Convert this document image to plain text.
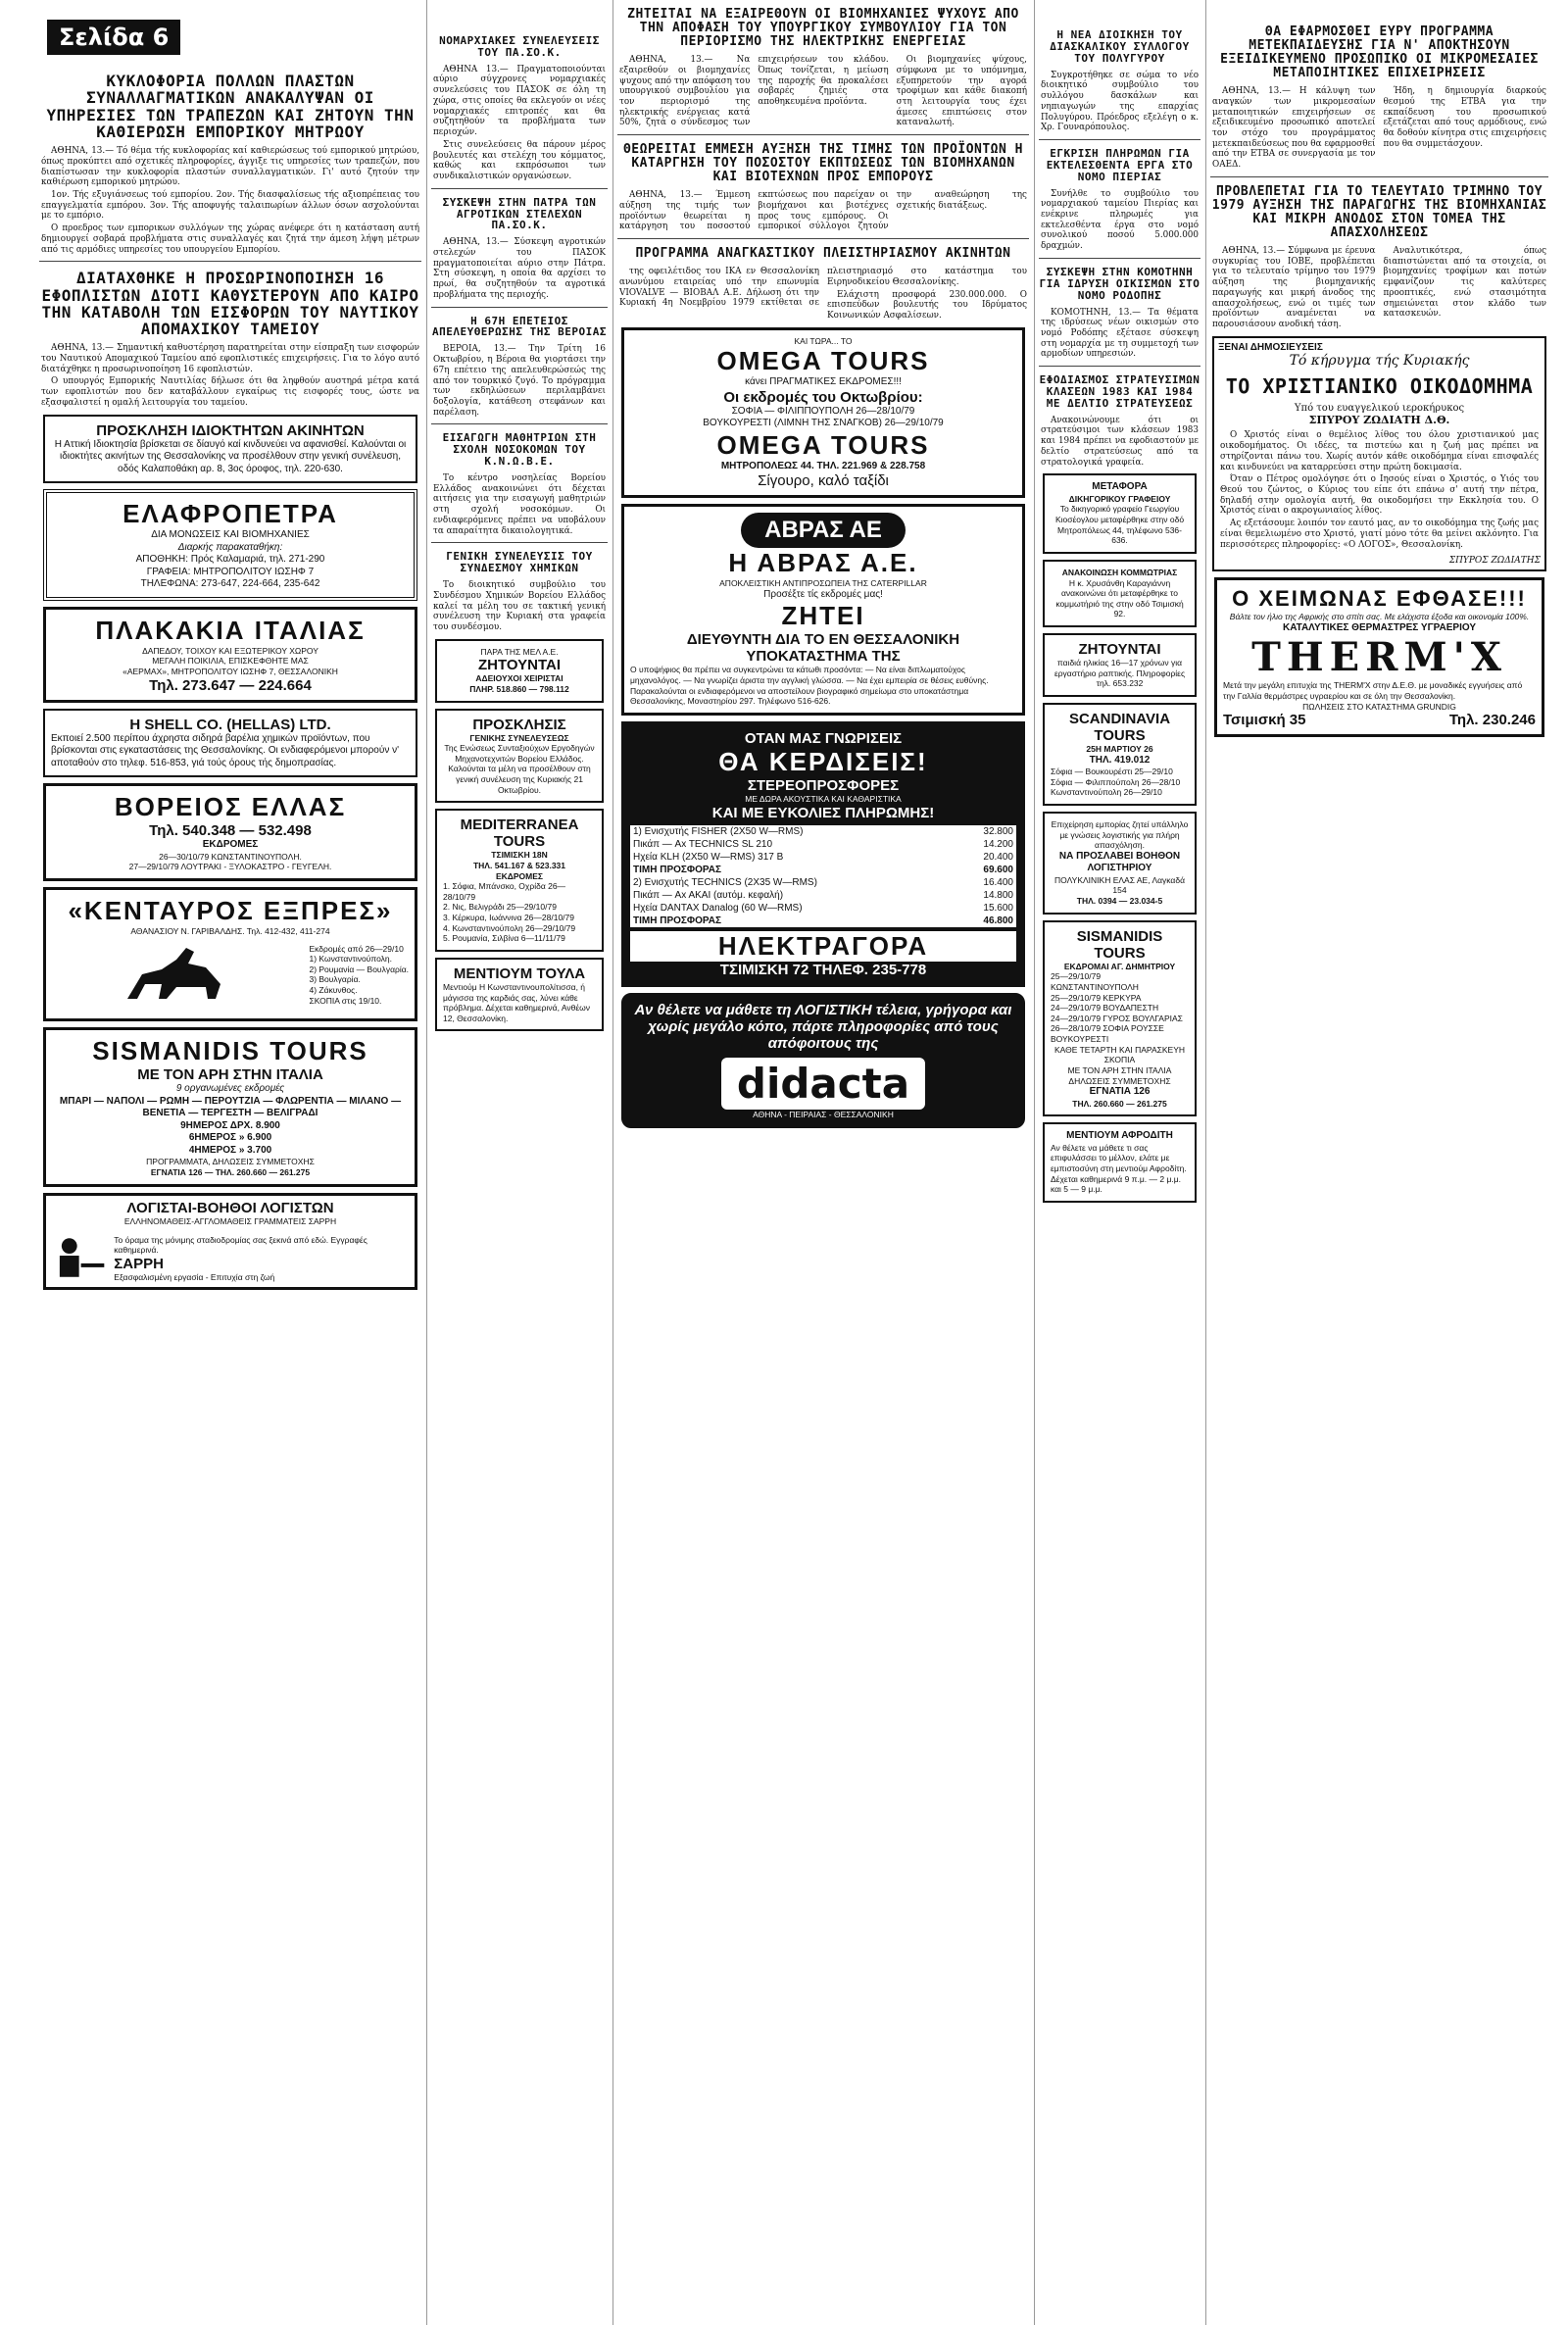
Σελίδα 6
ΚΥΚΛΟΦΟΡΙΑ ΠΟΛΛΩΝ ΠΛΑΣΤΩΝ ΣΥΝΑΛΛΑΓΜΑΤΙΚΩΝ ΑΝΑΚΑΛΥΨΑΝ ΟΙ ΥΠΗΡΕΣΙΕΣ ΤΩΝ ΤΡΑΠΕΖΩΝ ΚΑΙ ΖΗΤΟΥΝ ΤΗΝ ΚΑΘΙΕΡΩΣΗ ΕΜΠΟΡΙΚΟΥ ΜΗΤΡΩΟΥ

ΑΘΗΝΑ, 13.— Τό θέμα τής κυκλοφορίας καί καθιερώσεως τού εμπορικού μητρώου, όπως προκύπτει από σχετικές πληροφορίες, άγγιξε τις υπηρεσίες των τραπεζών, που διαπίστωσαν την κυκλοφορία πλαστών συναλλαγματικών. Γι' αυτό ζητούν την καθιέρωση εμπορικού μητρώου.

1ον. Τής εξυγιάνσεως τού εμπορίου. 2ον. Τής διασφαλίσεως τής αξιοπρέπειας του επαγγελματία εμπόρου. 3ον. Τής αποφυγής ταλαιπωρίων άλλων όσων ασχολούνται με το εμπόριο.

Ο προεδρος των εμπορικων συλλόγων της χώρας ανέφερε ότι η κατάσταση αυτή δημιουργεί σοβαρά προβλήματα στις συναλλαγές και ζητά την άμεση λήψη μέτρων από τις αρμόδιες υπηρεσίες του υπουργείου Εμπορίου.

ΔΙΑΤΑΧΘΗΚΕ Η ΠΡΟΣΩΡΙΝΟΠΟΙΗΣΗ 16 ΕΦΟΠΛΙΣΤΩΝ ΔΙΟΤΙ ΚΑΘΥΣΤΕΡΟΥΝ ΑΠΟ ΚΑΙΡΟ ΤΗΝ ΚΑΤΑΒΟΛΗ ΤΩΝ ΕΙΣΦΟΡΩΝ ΤΟΥ ΝΑΥΤΙΚΟΥ ΑΠΟΜΑΧΙΚΟΥ ΤΑΜΕΙΟΥ

ΑΘΗΝΑ, 13.— Σημαντική καθυστέρηση παρατηρείται στην είσπραξη των εισφορών του Ναυτικού Απομαχικού Ταμείου από εφοπλιστικές επιχειρήσεις. Για το λόγο αυτό διατάχθηκε η προσωρινοποίηση 16 εφοπλιστών.

Ο υπουργός Εμπορικής Ναυτιλίας δήλωσε ότι θα ληφθούν αυστηρά μέτρα κατά των εφοπλιστών που δεν καταβάλλουν εγκαίρως τις εισφορές τους, ώστε να εξασφαλιστεί η ομαλή λειτουργία του ταμείου.

ΠΡΟΣΚΛΗΣΗ ΙΔΙΟΚΤΗΤΩΝ ΑΚΙΝΗΤΩΝ
Η Αττική Ιδιοκτησία βρίσκεται σε δίαυγό καί κινδυνεύει να αφανισθεί. Καλούνται οι ιδιοκτήτες ακινήτων της Θεσσαλονίκης να προσέλθουν στην γενική συνέλευση, οδός Καλαποθάκη αρ. 8, 3ος όροφος, τηλ. 220-630.
ΕΛΑΦΡΟΠΕΤΡΑ
ΔΙΑ ΜΟΝΩΣΕΙΣ ΚΑΙ ΒΙΟΜΗΧΑΝΙΕΣ
Διαρκής παρακαταθήκη:
ΑΠΟΘΗΚΗ: Πρός Καλαμαριά, τηλ. 271-290
ΓΡΑΦΕΙΑ: ΜΗΤΡΟΠΟΛΙΤΟΥ ΙΩΣΗΦ 7
ΤΗΛΕΦΩΝΑ: 273-647, 224-664, 235-642
ΠΛΑΚΑΚΙΑ ΙΤΑΛΙΑΣ
ΔΑΠΕΔΟΥ, ΤΟΙΧΟΥ ΚΑΙ ΕΞΩΤΕΡΙΚΟΥ ΧΩΡΟΥ
ΜΕΓΑΛΗ ΠΟΙΚΙΛΙΑ, ΕΠΙΣΚΕΦΘΗΤΕ ΜΑΣ
«ΑΕΡΜΑΧ», ΜΗΤΡΟΠΟΛΙΤΟΥ ΙΩΣΗΦ 7, ΘΕΣΣΑΛΟΝΙΚΗ
Τηλ. 273.647 — 224.664
Η SHELL CO. (HELLAS) LTD.
Εκποιεί 2.500 περίπου άχρηστα σιδηρά βαρέλια χημικών προϊόντων, που βρίσκονται στις εγκαταστάσεις της Θεσσαλονίκης. Οι ενδιαφερόμενοι μπορούν ν' αποταθούν στο τηλεφ. 516-853, γιά τούς όρους τής δημοπρασίας.
ΒΟΡΕΙΟΣ ΕΛΛΑΣ
Τηλ. 540.348 — 532.498
ΕΚΔΡΟΜΕΣ
26—30/10/79 ΚΩΝΣΤΑΝΤΙΝΟΥΠΟΛΗ.
27—29/10/79 ΛΟΥΤΡΑΚΙ - ΞΥΛΟΚΑΣΤΡΟ - ΓΕΥΓΕΛΗ.
«ΚΕΝΤΑΥΡΟΣ ΕΞΠΡΕΣ»
ΑΘΑΝΑΣΙΟΥ Ν. ΓΑΡΙΒΑΛΔΗΣ. Τηλ. 412-432, 411-274
Εκδρομές από 26—29/10
1) Κωνσταντινούπολη.
2) Ρουμανία — Βουλγαρία.
3) Βουλγαρία.
4) Ζάκυνθος.
ΣΚΟΠΙΑ στις 19/10.
SISMANIDIS TOURS
ΜΕ ΤΟΝ ΑΡΗ ΣΤΗΝ ΙΤΑΛΙΑ
9 οργανωμένες εκδρομές
ΜΠΑΡΙ — ΝΑΠΟΛΙ — ΡΩΜΗ — ΠΕΡΟΥΤΖΙΑ — ΦΛΩΡΕΝΤΙΑ — ΜΙΛΑΝΟ — ΒΕΝΕΤΙΑ — ΤΕΡΓΕΣΤΗ — ΒΕΛΙΓΡΑΔΙ
9ΗΜΕΡΟΣ ΔΡΧ. 8.900
6ΗΜΕΡΟΣ » 6.900
4ΗΜΕΡΟΣ » 3.700
ΠΡΟΓΡΑΜΜΑΤΑ, ΔΗΛΩΣΕΙΣ ΣΥΜΜΕΤΟΧΗΣ
ΕΓΝΑΤΙΑ 126 — ΤΗΛ. 260.660 — 261.275
ΛΟΓΙΣΤΑΙ-ΒΟΗΘΟΙ ΛΟΓΙΣΤΩΝ
ΕΛΛΗΝΟΜΑΘΕΙΣ-ΑΓΓΛΟΜΑΘΕΙΣ ΓΡΑΜΜΑΤΕΙΣ ΣΑΡΡΗ
Το όραμα της μόνιμης σταδιοδρομίας σας ξεκινά από εδώ. Εγγραφές καθημερινά.
ΣΑΡΡΗ
Εξασφαλισμένη εργασία - Επιτυχία στη ζωή
ΝΟΜΑΡΧΙΑΚΕΣ ΣΥΝΕΛΕΥΣΕΙΣ ΤΟΥ ΠΑ.ΣΟ.Κ.

ΑΘΗΝΑ 13.— Πραγματοποιούνται αύριο σύγχρονες νομαρχιακές συνελεύσεις του ΠΑΣΟΚ σε όλη τη χώρα, στις οποίες θα εκλεγούν οι νέες νομαρχιακές επιτροπές και θα συζητηθούν τα προβλήματα των περιοχών.

Στις συνελεύσεις θα πάρουν μέρος βουλευτές και στελέχη του κόμματος, καθώς και εκπρόσωποι των συνδικαλιστικών οργανώσεων.

ΣΥΣΚΕΨΗ ΣΤΗΝ ΠΑΤΡΑ ΤΩΝ ΑΓΡΟΤΙΚΩΝ ΣΤΕΛΕΧΩΝ ΠΑ.ΣΟ.Κ.

ΑΘΗΝΑ, 13.— Σύσκεψη αγροτικών στελεχών του ΠΑΣΟΚ πραγματοποιείται αύριο στην Πάτρα. Στη σύσκεψη, η οποία θα αρχίσει το πρωί, θα συζητηθούν τα αγροτικά προβλήματα της περιοχής.

Η 67Η ΕΠΕΤΕΙΟΣ ΑΠΕΛΕΥΘΕΡΩΣΗΣ ΤΗΣ ΒΕΡΟΙΑΣ

ΒΕΡΟΙΑ, 13.— Την Τρίτη 16 Οκτωβρίου, η Βέροια θα γιορτάσει την 67η επέτειο της απελευθερώσεώς της από τον τουρκικό ζυγό. Το πρόγραμμα των εκδηλώσεων περιλαμβάνει δοξολογία, κατάθεση στεφάνων και παρέλαση.

ΕΙΣΑΓΩΓΗ ΜΑΘΗΤΡΙΩΝ ΣΤΗ ΣΧΟΛΗ ΝΟΣΟΚΟΜΩΝ ΤΟΥ Κ.Ν.Ω.Β.Ε.

Το κέντρο νοσηλείας Βορείου Ελλάδος ανακοινώνει ότι δέχεται αιτήσεις για την εισαγωγή μαθητριών στη σχολή νοσοκόμων. Οι ενδιαφερόμενες πρέπει να υποβάλουν τα απαραίτητα δικαιολογητικά.

ΓΕΝΙΚΗ ΣΥΝΕΛΕΥΣΙΣ ΤΟΥ ΣΥΝΔΕΣΜΟΥ ΧΗΜΙΚΩΝ

Το διοικητικό συμβούλιο του Συνδέσμου Χημικών Βορείου Ελλάδος καλεί τα μέλη του σε τακτική γενική συνέλευση την Κυριακή στα γραφεία του συνδέσμου.

ΠΑΡΑ ΤΗΣ ΜΕΛ Α.Ε.
ΖΗΤΟΥΝΤΑΙ
ΑΔΕΙΟΥΧΟΙ ΧΕΙΡΙΣΤΑΙ
ΠΛΗΡ. 518.860 — 798.112
ΠΡΟΣΚΛΗΣΙΣ
ΓΕΝΙΚΗΣ ΣΥΝΕΛΕΥΣΕΩΣ
Της Ενώσεως Συνταξιούχων Εργοδηγών Μηχανοτεχνιτών Βορείου Ελλάδος. Καλούνται τα μέλη να προσέλθουν στη γενική συνέλευση της Κυριακής 21 Οκτωβρίου.
MEDITERRANEA TOURS
ΤΣΙΜΙΣΚΗ 18Ν
ΤΗΛ. 541.167 & 523.331
ΕΚΔΡΟΜΕΣ
1. Σόφια, Μπάνσκο, Οχρίδα 26—28/10/79
2. Νις, Βελιγράδι 25—29/10/79
3. Κέρκυρα, Ιωάννινα 26—28/10/79
4. Κωνσταντινούπολη 26—29/10/79
5. Ρουμανία, Σιλβίνα 6—11/11/79
ΜΕΝΤΙΟΥΜ ΤΟΥΛΑ
Μεντιούμ Η Κωνσταντινουπολίτισσα, ή μάγισσα της καρδιάς σας, λύνει κάθε πρόβλημα. Δέχεται καθημερινά, Ανθέων 12, Θεσσαλονίκη.
ΖΗΤΕΙΤΑΙ ΝΑ ΕΞΑΙΡΕΘΟΥΝ ΟΙ ΒΙΟΜΗΧΑΝΙΕΣ ΨΥΧΟΥΣ ΑΠΟ ΤΗΝ ΑΠΟΦΑΣΗ ΤΟΥ ΥΠΟΥΡΓΙΚΟΥ ΣΥΜΒΟΥΛΙΟΥ ΓΙΑ ΤΟΝ ΠΕΡΙΟΡΙΣΜΟ ΤΗΣ ΗΛΕΚΤΡΙΚΗΣ ΕΝΕΡΓΕΙΑΣ

ΑΘΗΝΑ, 13.— Να εξαιρεθούν οι βιομηχανίες ψυχους από την απόφαση του υπουργικού συμβουλίου για τον περιορισμό της ηλεκτρικής ενέργειας κατά 50%, ζητά ο σύνδεσμος των επιχειρήσεων του κλάδου. Όπως τονίζεται, η μείωση της παροχής θα προκαλέσει σοβαρές ζημιές στα αποθηκευμένα προϊόντα.

Οι βιομηχανίες ψύχους, σύμφωνα με το υπόμνημα, εξυπηρετούν την αγορά τροφίμων και κάθε διακοπή στη λειτουργία τους έχει άμεσες επιπτώσεις στον καταναλωτή.

ΘΕΩΡΕΙΤΑΙ ΕΜΜΕΣΗ ΑΥΞΗΣΗ ΤΗΣ ΤΙΜΗΣ ΤΩΝ ΠΡΟΪΟΝΤΩΝ Η ΚΑΤΑΡΓΗΣΗ ΤΟΥ ΠΟΣΟΣΤΟΥ ΕΚΠΤΩΣΕΩΣ ΤΩΝ ΒΙΟΜΗΧΑΝΩΝ ΚΑΙ ΒΙΟΤΕΧΝΩΝ ΠΡΟΣ ΕΜΠΟΡΟΥΣ

ΑΘΗΝΑ, 13.— Έμμεση αύξηση της τιμής των προϊόντων θεωρείται η κατάργηση του ποσοστού εκπτώσεως που παρείχαν οι βιομήχανοι και βιοτέχνες προς τους εμπόρους. Οι εμπορικοί σύλλογοι ζητούν την αναθεώρηση της σχετικής διατάξεως.

ΠΡΟΓΡΑΜΜΑ ΑΝΑΓΚΑΣΤΙΚΟΥ ΠΛΕΙΣΤΗΡΙΑΣΜΟΥ ΑΚΙΝΗΤΩΝ

της οφειλέτιδος του ΙΚΑ εν Θεσσαλονίκη ανωνύμου εταιρείας υπό την επωνυμία VIOVALVE — ΒΙΟΒΑΛ Α.Ε. Δήλωση ότι την Κυριακή 4η Νοεμβρίου 1979 εκτίθεται σε πλειστηριασμό στο κατάστημα του Ειρηνοδικείου Θεσσαλονίκης.

Ελάχιστη προσφορά 230.000.000. Ο επισπεύδων βουλευτής του Ιδρύματος Κοινωνικών Ασφαλίσεων.

ΚΑΙ ΤΩΡΑ... ΤΟ
OMEGA TOURS
κάνει ΠΡΑΓΜΑΤΙΚΕΣ ΕΚΔΡΟΜΕΣ!!!
Οι εκδρομές του Οκτωβρίου:
ΣΟΦΙΑ — ΦΙΛΙΠΠΟΥΠΟΛΗ 26—28/10/79
ΒΟΥΚΟΥΡΕΣΤΙ (ΛΙΜΝΗ ΤΗΣ ΣΝΑΓΚΟΒ) 26—29/10/79
OMEGA TOURS
ΜΗΤΡΟΠΟΛΕΩΣ 44. ΤΗΛ. 221.969 & 228.758
Σίγουρο, καλό ταξίδι
ΑΒΡΑΣ ΑΕ
Η ΑΒΡΑΣ Α.Ε.
ΑΠΟΚΛΕΙΣΤΙΚΗ ΑΝΤΙΠΡΟΣΩΠΕΙΑ ΤΗΣ CATERPILLAR
Προσέξτε τίς εκδρομές μας!
ΖΗΤΕΙ
ΔΙΕΥΘΥΝΤΗ ΔΙΑ ΤΟ ΕΝ ΘΕΣΣΑΛΟΝΙΚΗ ΥΠΟΚΑΤΑΣΤΗΜΑ ΤΗΣ
Ο υποψήφιος θα πρέπει να συγκεντρώνει τα κάτωθι προσόντα: — Να είναι διπλωματούχος μηχανολόγος. — Να γνωρίζει άριστα την αγγλική γλώσσα. — Να έχει εμπειρία σε θέσεις ευθύνης. Παρακαλούνται οι ενδιαφερόμενοι να αποστείλουν βιογραφικό σημείωμα στο υποκατάστημα Θεσσαλονίκης, Μοναστηρίου 297. Τηλέφωνο 516-626.
ΟΤΑΝ ΜΑΣ ΓΝΩΡΙΣΕΙΣ
ΘΑ ΚΕΡΔΙΣΕΙΣ!
ΣΤΕΡΕΟΠΡΟΣΦΟΡΕΣ
ΜΕ ΔΩΡΑ ΑΚΟΥΣΤΙΚΑ ΚΑΙ ΚΑΘΑΡΙΣΤΙΚΑ
ΚΑΙ ΜΕ ΕΥΚΟΛΙΕΣ ΠΛΗΡΩΜΗΣ!
1) Ενισχυτής FISHER (2X50 W—RMS)	32.800
Πικάπ — Ax TECHNICS SL 210	14.200
Ηχεία KLH (2X50 W—RMS) 317 B	20.400
ΤΙΜΗ ΠΡΟΣΦΟΡΑΣ	69.600
2) Ενισχυτής TECHNICS (2X35 W—RMS)	16.400
Πικάπ — Ax AKAI (αυτόμ. κεφαλή)	14.800
Ηχεία DANTAX Danalog (60 W—RMS)	15.600
ΤΙΜΗ ΠΡΟΣΦΟΡΑΣ	46.800
ΗΛΕΚΤΡΑΓΟΡΑ
ΤΣΙΜΙΣΚΗ 72 ΤΗΛΕΦ. 235-778
Αν θέλετε να μάθετε τη ΛΟΓΙΣΤΙΚΗ τέλεια, γρήγορα και χωρίς μεγάλο κόπο, πάρτε πληροφορίες από τους απόφοιτους της
didacta
ΑΘΗΝΑ - ΠΕΙΡΑΙΑΣ - ΘΕΣΣΑΛΟΝΙΚΗ
Η ΝΕΑ ΔΙΟΙΚΗΣΗ ΤΟΥ ΔΙΑΣΚΑΛΙΚΟΥ ΣΥΛΛΟΓΟΥ ΤΟΥ ΠΟΛΥΓΥΡΟΥ

Συγκροτήθηκε σε σώμα το νέο διοικητικό συμβούλιο του συλλόγου δασκάλων και νηπιαγωγών της επαρχίας Πολυγύρου. Πρόεδρος εξελέγη ο κ. Χρ. Γουναρόπουλος.

ΕΓΚΡΙΣΗ ΠΛΗΡΩΜΩΝ ΓΙΑ ΕΚΤΕΛΕΣΘΕΝΤΑ ΕΡΓΑ ΣΤΟ ΝΟΜΟ ΠΙΕΡΙΑΣ

Συνήλθε το συμβούλιο του νομαρχιακού ταμείου Πιερίας και ενέκρινε πληρωμές για εκτελεσθέντα έργα στο νομό συνολικού ποσού 5.000.000 δραχμών.

ΣΥΣΚΕΨΗ ΣΤΗΝ ΚΟΜΟΤΗΝΗ ΓΙΑ ΙΔΡΥΣΗ ΟΙΚΙΣΜΩΝ ΣΤΟ ΝΟΜΟ ΡΟΔΟΠΗΣ

ΚΟΜΟΤΗΝΗ, 13.— Τα θέματα της ιδρύσεως νέων οικισμών στο νομό Ροδόπης εξέτασε σύσκεψη στη νομαρχία με τη συμμετοχή των αρμοδίων υπηρεσιών.

ΕΦΟΔΙΑΣΜΟΣ ΣΤΡΑΤΕΥΣΙΜΩΝ ΚΛΑΣΕΩΝ 1983 ΚΑΙ 1984 ΜΕ ΔΕΛΤΙΟ ΣΤΡΑΤΕΥΣΕΩΣ

Ανακοινώνουμε ότι οι στρατεύσιμοι των κλάσεων 1983 και 1984 πρέπει να εφοδιαστούν με δελτίο στρατεύσεως από τα στρατολογικά γραφεία.

ΜΕΤΑΦΟΡΑ
ΔΙΚΗΓΟΡΙΚΟΥ ΓΡΑΦΕΙΟΥ
Το δικηγορικό γραφείο Γεωργίου Κιοσέογλου μεταφέρθηκε στην οδό Μητροπόλεως 44, τηλέφωνο 536-636.
ΑΝΑΚΟΙΝΩΣΗ ΚΟΜΜΩΤΡΙΑΣ
Η κ. Χρυσάνθη Καραγιάννη ανακοινώνει ότι μεταφέρθηκε το κομμωτήριό της στην οδό Τσιμισκή 92.
ΖΗΤΟΥΝΤΑΙ
παιδιά ηλικίας 16—17 χρόνων για εργαστήριο ραπτικής. Πληροφορίες τηλ. 653.232
SCANDINAVIA TOURS
25Η ΜΑΡΤΙΟΥ 26
ΤΗΛ. 419.012
Σόφια — Βουκουρέστι 25—29/10
Σόφια — Φιλιππούπολη 26—28/10
Κωνσταντινούπολη 26—29/10
Επιχείρηση εμπορίας ζητεί υπάλληλο με γνώσεις λογιστικής για πλήρη απασχόληση.
ΝΑ ΠΡΟΣΛΑΒΕΙ ΒΟΗΘΟΝ ΛΟΓΙΣΤΗΡΙΟΥ
ΠΟΛΥΚΛΙΝΙΚΗ ΕΛΑΣ ΑΕ, Λαγκαδά 154
ΤΗΛ. 0394 — 23.034-5
SISMANIDIS TOURS
ΕΚΔΡΟΜΑΙ ΑΓ. ΔΗΜΗΤΡΙΟΥ
25—29/10/79 ΚΩΝΣΤΑΝΤΙΝΟΥΠΟΛΗ
25—29/10/79 ΚΕΡΚΥΡΑ
24—29/10/79 ΒΟΥΔΑΠΕΣΤΗ
24—29/10/79 ΓΥΡΟΣ ΒΟΥΛΓΑΡΙΑΣ
26—28/10/79 ΣΟΦΙΑ ΡΟΥΣΣΕ ΒΟΥΚΟΥΡΕΣΤΙ
ΚΑΘΕ ΤΕΤΑΡΤΗ ΚΑΙ ΠΑΡΑΣΚΕΥΗ ΣΚΟΠΙΑ
ΜΕ ΤΟΝ ΑΡΗ ΣΤΗΝ ΙΤΑΛΙΑ
ΔΗΛΩΣΕΙΣ ΣΥΜΜΕΤΟΧΗΣ
ΕΓΝΑΤΙΑ 126
ΤΗΛ. 260.660 — 261.275
ΜΕΝΤΙΟΥΜ ΑΦΡΟΔΙΤΗ
Αν θέλετε να μάθετε τι σας επιφυλάσσει το μέλλον, ελάτε με εμπιστοσύνη στη μεντιούμ Αφροδίτη. Δέχεται καθημερινά 9 π.μ. — 2 μ.μ. και 5 — 9 μ.μ.
ΘΑ ΕΦΑΡΜΟΣΘΕΙ ΕΥΡΥ ΠΡΟΓΡΑΜΜΑ ΜΕΤΕΚΠΑΙΔΕΥΣΗΣ ΓΙΑ Ν' ΑΠΟΚΤΗΣΟΥΝ ΕΞΕΙΔΙΚΕΥΜΕΝΟ ΠΡΟΣΩΠΙΚΟ ΟΙ ΜΙΚΡΟΜΕΣΑΙΕΣ ΜΕΤΑΠΟΙΗΤΙΚΕΣ ΕΠΙΧΕΙΡΗΣΕΙΣ

ΑΘΗΝΑ, 13.— Η κάλυψη των αναγκών των μικρομεσαίων μεταποιητικών επιχειρήσεων σε εξειδικευμένο προσωπικό αποτελεί τον στόχο του προγράμματος μετεκπαιδεύσεως που θα εφαρμοσθεί από την ΕΤΒΑ σε συνεργασία με τον ΟΑΕΔ.

Ήδη, η δημιουργία διαρκούς θεσμού της ΕΤΒΑ για την εκπαίδευση του προσωπικού εξετάζεται από τους αρμόδιους, ενώ θα δοθούν κίνητρα στις επιχειρήσεις που θα συμμετάσχουν.

ΠΡΟΒΛΕΠΕΤΑΙ ΓΙΑ ΤΟ ΤΕΛΕΥΤΑΙΟ ΤΡΙΜΗΝΟ ΤΟΥ 1979 ΑΥΞΗΣΗ ΤΗΣ ΠΑΡΑΓΩΓΗΣ ΤΗΣ ΒΙΟΜΗΧΑΝΙΑΣ ΚΑΙ ΜΙΚΡΗ ΑΝΟΔΟΣ ΣΤΟΝ ΤΟΜΕΑ ΤΗΣ ΑΠΑΣΧΟΛΗΣΕΩΣ

ΑΘΗΝΑ, 13.— Σύμφωνα με έρευνα συγκυρίας του ΙΟΒΕ, προβλέπεται για το τελευταίο τρίμηνο του 1979 αύξηση της βιομηχανικής παραγωγής και μικρή άνοδος της απασχολήσεως, ενώ οι τιμές των προϊόντων αναμένεται να παρουσιάσουν ανοδική τάση.

Αναλυτικότερα, όπως διαπιστώνεται από τα στοιχεία, οι βιομηχανίες τροφίμων και ποτών εμφανίζουν τις καλύτερες προοπτικές, ενώ στασιμότητα σημειώνεται στον κλάδο των κατασκευών.

ΞΕΝΑΙ ΔΗΜΟΣΙΕΥΣΕΙΣ
Τό κήρυγμα τής Κυριακής
ΤΟ ΧΡΙΣΤΙΑΝΙΚΟ ΟΙΚΟΔΟΜΗΜΑ
Υπό του ευαγγελικού ιεροκήρυκος
ΣΠΥΡΟΥ ΖΩΔΙΑΤΗ Δ.Θ.

Ο Χριστός είναι ο θεμέλιος λίθος του όλου χριστιανικού μας οικοδομήματος. Οι ιδέες, τα πιστεύω και η ζωή μας πρέπει να στηρίζονται πάνω του. Χωρίς αυτόν κάθε οικοδόμημα είναι επισφαλές και κινδυνεύει να καταρρεύσει στην πρώτη δοκιμασία.

Όταν ο Πέτρος ομολόγησε ότι ο Ιησούς είναι ο Χριστός, ο Υιός του Θεού του ζώντος, ο Κύριος του είπε ότι επάνω σ' αυτή την πέτρα, δηλαδή στην ομολογία αυτή, θα οικοδομήσει την Εκκλησία του. Ο Χριστός είναι ο ακρογωνιαίος λίθος.

Ας εξετάσουμε λοιπόν τον εαυτό μας, αν το οικοδόμημα της ζωής μας είναι θεμελιωμένο στο Χριστό, γιατί μόνο τότε θα μείνει ακλόνητο. Για περισσότερες πληροφορίες: «Ο ΛΟΓΟΣ», Θεσσαλονίκη.

ΣΠΥΡΟΣ ΖΩΔΙΑΤΗΣ
Ο ΧΕΙΜΩΝΑΣ ΕΦΘΑΣΕ!!!
Βάλτε τον ήλιο της Αφρικής στο σπίτι σας. Με ελάχιστα έξοδα και οικονομία 100%.
ΚΑΤΑΛΥΤΙΚΕΣ ΘΕΡΜΑΣΤΡΕΣ ΥΓΡΑΕΡΙΟΥ
THERM'X
Μετά την μεγάλη επιτυχία της THERM'X στην Δ.Ε.Θ. με μοναδικές εγγυήσεις από την Γαλλία θερμάστρες υγραερίου και σε όλη την Θεσσαλονίκη.
ΠΩΛΗΣΕΙΣ ΣΤΟ ΚΑΤΑΣΤΗΜΑ GRUNDIG
Τσιμισκή 35	Τηλ. 230.246
